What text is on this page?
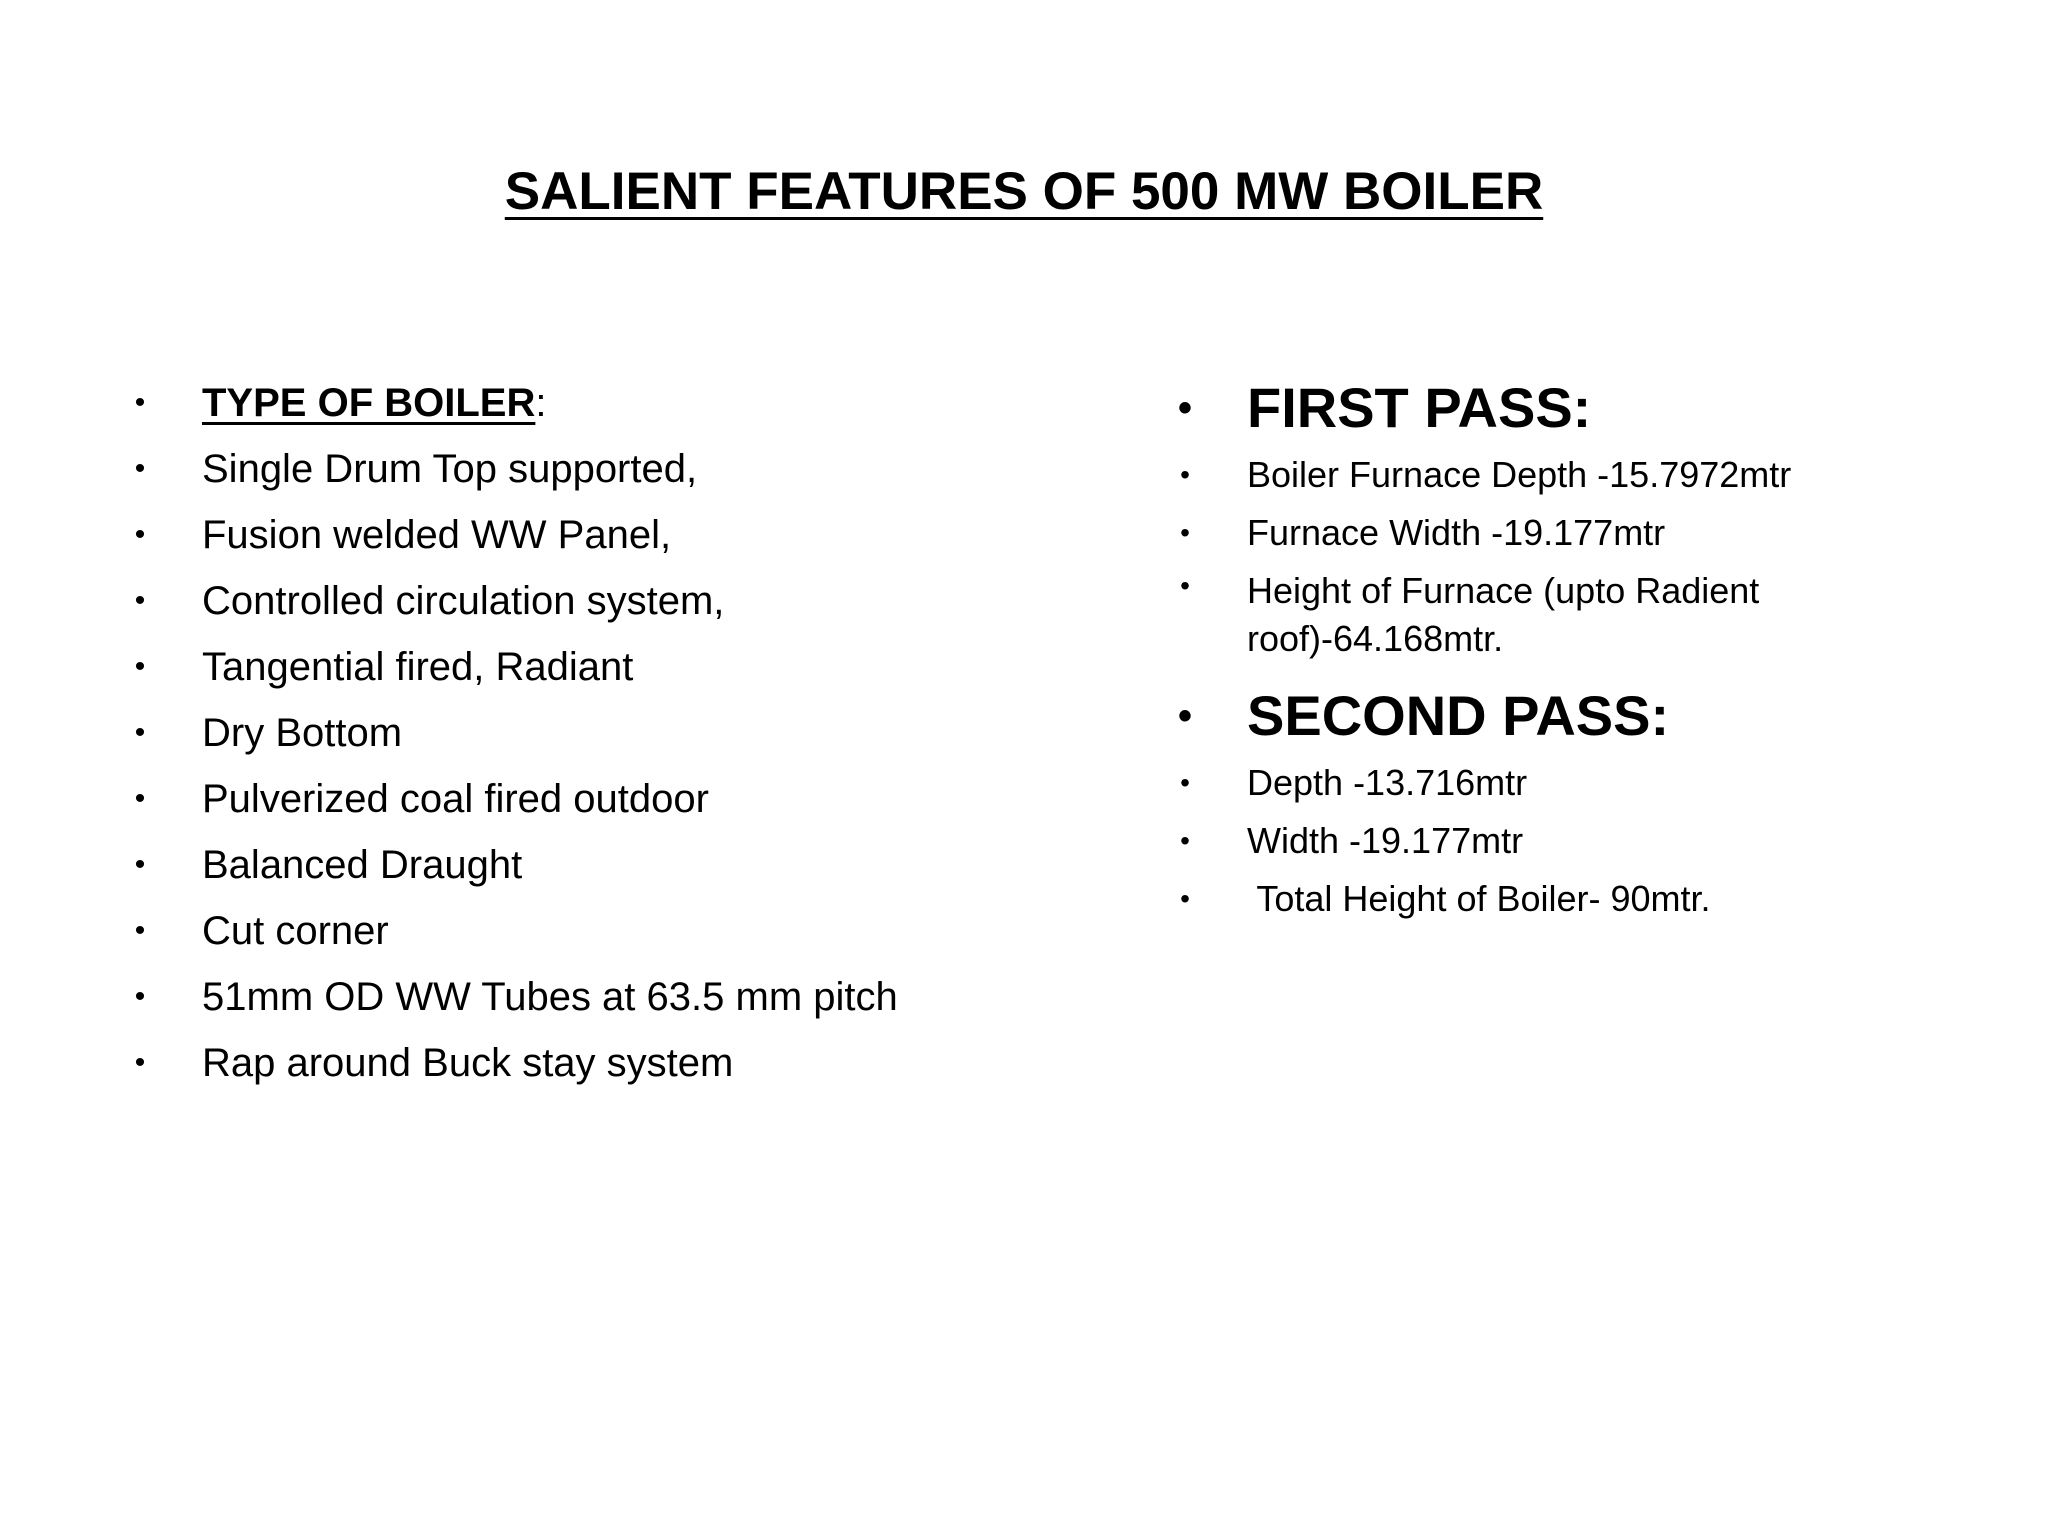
SALIENT FEATURES OF 500 MW BOILER
•	TYPE OF BOILER:
•	Single Drum Top supported,
•	Fusion welded WW Panel,
•	Controlled circulation system,
•	Tangential fired, Radiant
•	Dry Bottom
•	Pulverized coal fired outdoor
•	Balanced Draught
•	Cut corner
•	51mm OD WW Tubes at 63.5 mm pitch
•	Rap around Buck stay system
• FIRST PASS:
•	Boiler Furnace Depth -15.7972mtr
•	Furnace Width -19.177mtr
•	Height of Furnace (upto Radient roof)-64.168mtr.
• SECOND PASS:
•	Depth -13.716mtr
•	Width -19.177mtr
•	Total Height of Boiler- 90mtr.
